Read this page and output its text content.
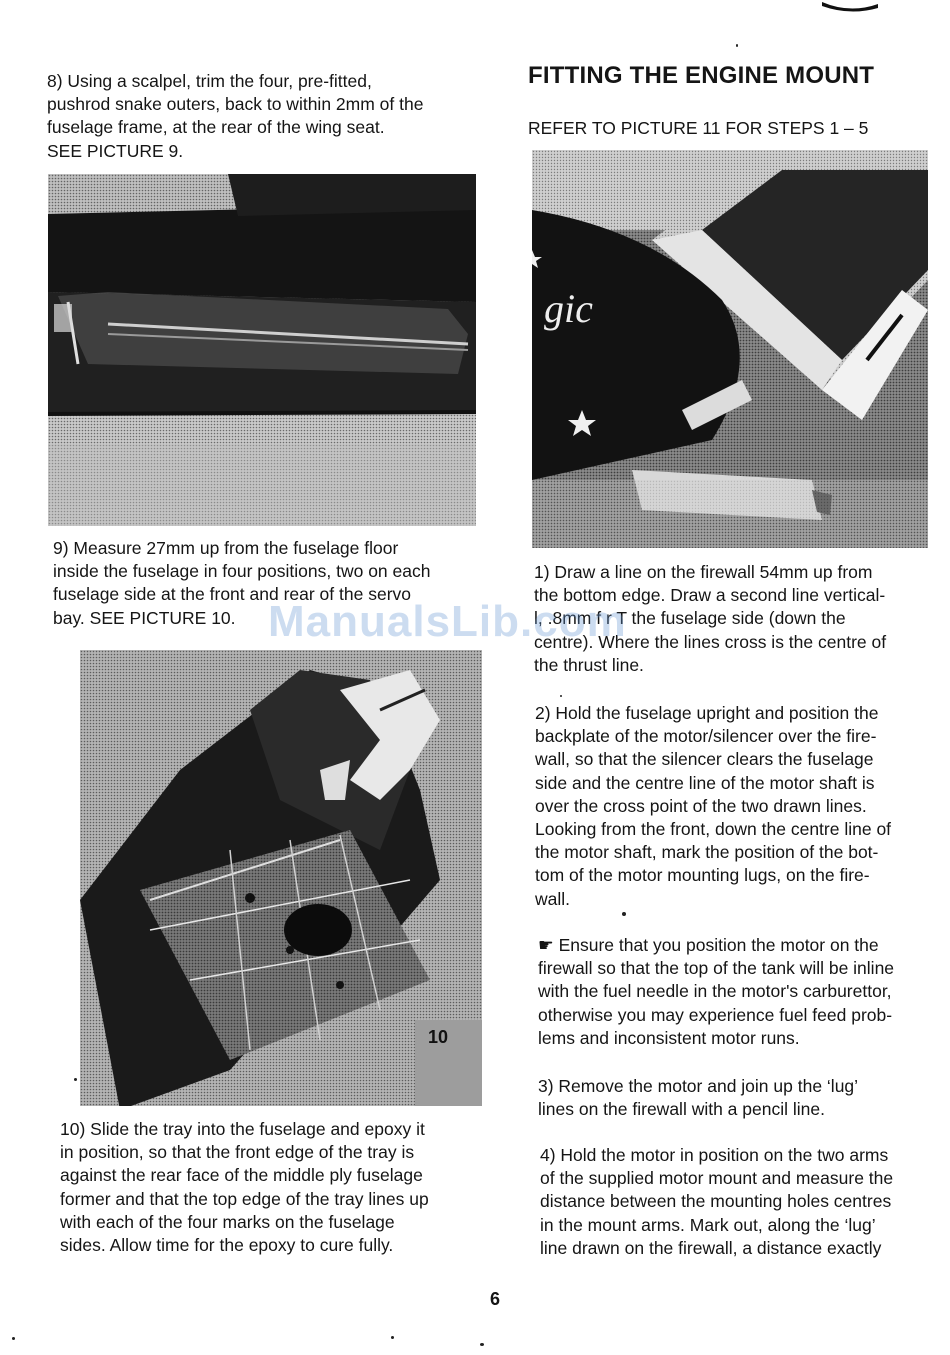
8) Using a scalpel, trim the four, pre-fitted,
pushrod snake outers, back to within 2mm of the
fuselage frame, at the rear of the wing seat.
SEE PICTURE 9.

9) Measure 27mm up from the fuselage floor
inside the fuselage in four positions, two on each
fuselage side at the front and rear of the servo
bay. SEE PICTURE 10.

10

10) Slide the tray into the fuselage and epoxy it
in position, so that the front edge of the tray is
against the rear face of the middle ply fuselage
former and that the top edge of the tray lines up
with each of the four marks on the fuselage
sides. Allow time for the epoxy to cure fully.

FITTING THE ENGINE MOUNT

REFER TO PICTURE 11 FOR STEPS 1 – 5

gic

1) Draw a line on the firewall 54mm up from
the bottom edge. Draw a second line vertical-
l, .8mm f r T the fuselage side (down the
centre). Where the lines cross is the centre of
the thrust line.

2) Hold the fuselage upright and position the
backplate of the motor/silencer over the fire-
wall, so that the silencer clears the fuselage
side and the centre line of the motor shaft is
over the cross point of the two drawn lines.
Looking from the front, down the centre line of
the motor shaft, mark the position of the bot-
tom of the motor mounting lugs, on the fire-
wall.

☛ Ensure that you position the motor on the
firewall so that the top of the tank will be inline
with the fuel needle in the motor's carburettor,
otherwise you may experience fuel feed prob-
lems and inconsistent motor runs.

3) Remove the motor and join up the ‘lug’
lines on the firewall with a pencil line.

4) Hold the motor in position on the two arms
of the supplied motor mount and measure the
distance between the mounting holes centres
in the mount arms. Mark out, along the ‘lug’
line drawn on the firewall, a distance exactly

ManualsLib.com
6
